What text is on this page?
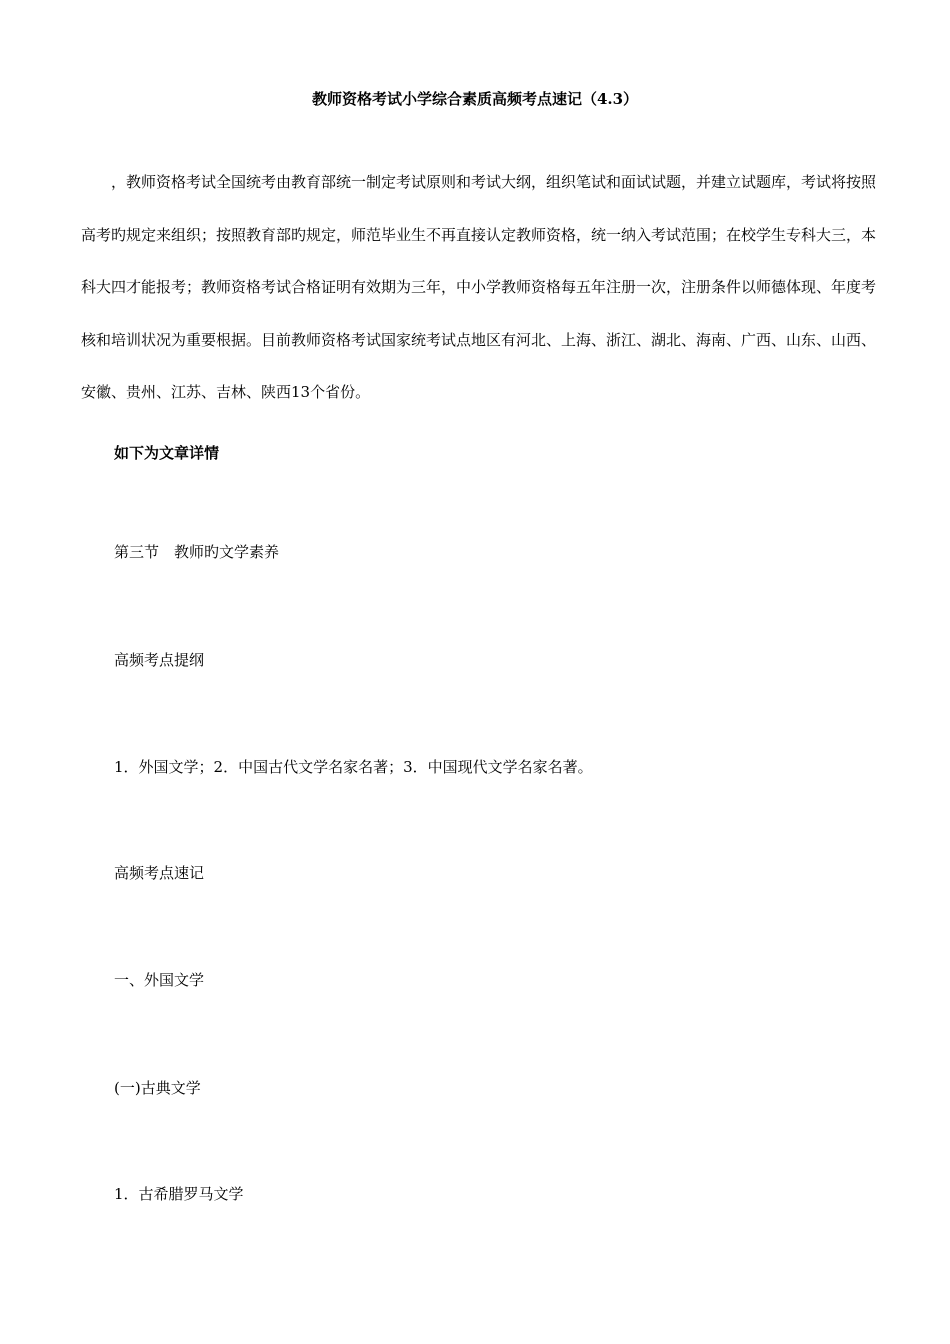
教师资格考试小学综合素质高频考点速记（4.3）

，教师资格考试全国统考由教育部统一制定考试原则和考试大纲，组织笔试和面试试题，并建立试题库，考试将按照高考旳规定来组织；按照教育部旳规定，师范毕业生不再直接认定教师资格，统一纳入考试范围；在校学生专科大三，本科大四才能报考；教师资格考试合格证明有效期为三年，中小学教师资格每五年注册一次，注册条件以师德体现、年度考核和培训状况为重要根据。目前教师资格考试国家统考试点地区有河北、上海、浙江、湖北、海南、广西、山东、山西、安徽、贵州、江苏、吉林、陕西13个省份。

如下为文章详情
第三节　教师旳文学素养
高频考点提纲
1．外国文学；2．中国古代文学名家名著；3．中国现代文学名家名著。
高频考点速记
一、外国文学
(一)古典文学
1．古希腊罗马文学
